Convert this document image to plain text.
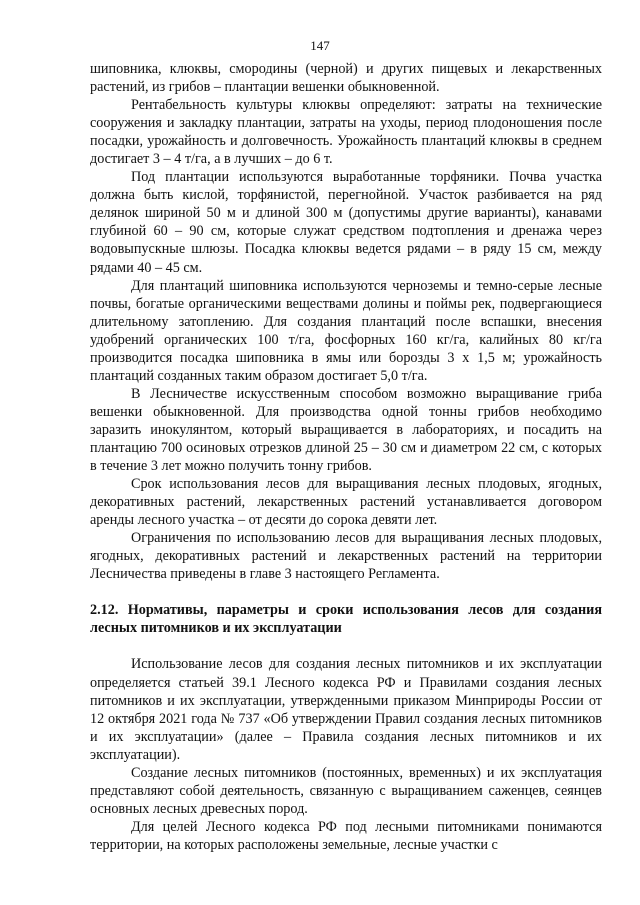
147

шиповника, клюквы, смородины (черной) и других пищевых и лекарственных растений, из грибов – плантации вешенки обыкновенной.

Рентабельность культуры клюквы определяют: затраты на технические сооружения и закладку плантации, затраты на уходы, период плодоношения после посадки, урожайность и долговечность. Урожайность плантаций клюквы в среднем достигает 3 – 4 т/га, а в лучших – до 6 т.

Под плантации используются выработанные торфяники. Почва участка должна быть кислой, торфянистой, перегнойной. Участок разбивается на ряд делянок шириной 50 м и длиной 300 м (допустимы другие варианты), канавами глубиной 60 – 90 см, которые служат средством подтопления и дренажа через водовыпускные шлюзы. Посадка клюквы ведется рядами – в ряду 15 см, между рядами 40 – 45 см.

Для плантаций шиповника используются черноземы и темно-серые лесные почвы, богатые органическими веществами долины и поймы рек, подвергающиеся длительному затоплению. Для создания плантаций после вспашки, внесения удобрений органических 100 т/га, фосфорных 160 кг/га, калийных 80 кг/га производится посадка шиповника в ямы или борозды 3 х 1,5 м; урожайность плантаций созданных таким образом достигает 5,0 т/га.

В Лесничестве искусственным способом возможно выращивание гриба вешенки обыкновенной. Для производства одной тонны грибов необходимо заразить инокулянтом, который выращивается в лабораториях, и посадить на плантацию 700 осиновых отрезков длиной 25 – 30 см и диаметром 22 см, с которых в течение 3 лет можно получить тонну грибов.

Срок использования лесов для выращивания лесных плодовых, ягодных, декоративных растений, лекарственных растений устанавливается договором аренды лесного участка – от десяти до сорока девяти лет.

Ограничения по использованию лесов для выращивания лесных плодовых, ягодных, декоративных растений и лекарственных растений на территории Лесничества приведены в главе 3 настоящего Регламента.

2.12. Нормативы, параметры и сроки использования лесов для создания лесных питомников и их эксплуатации

Использование лесов для создания лесных питомников и их эксплуатации определяется статьей 39.1 Лесного кодекса РФ и Правилами создания лесных питомников и их эксплуатации, утвержденными приказом Минприроды России от 12 октября 2021 года № 737 «Об утверждении Правил создания лесных питомников и их эксплуатации» (далее – Правила создания лесных питомников и их эксплуатации).

Создание лесных питомников (постоянных, временных) и их эксплуатация представляют собой деятельность, связанную с выращиванием саженцев, сеянцев основных лесных древесных пород.

Для целей Лесного кодекса РФ под лесными питомниками понимаются территории, на которых расположены земельные, лесные участки с
